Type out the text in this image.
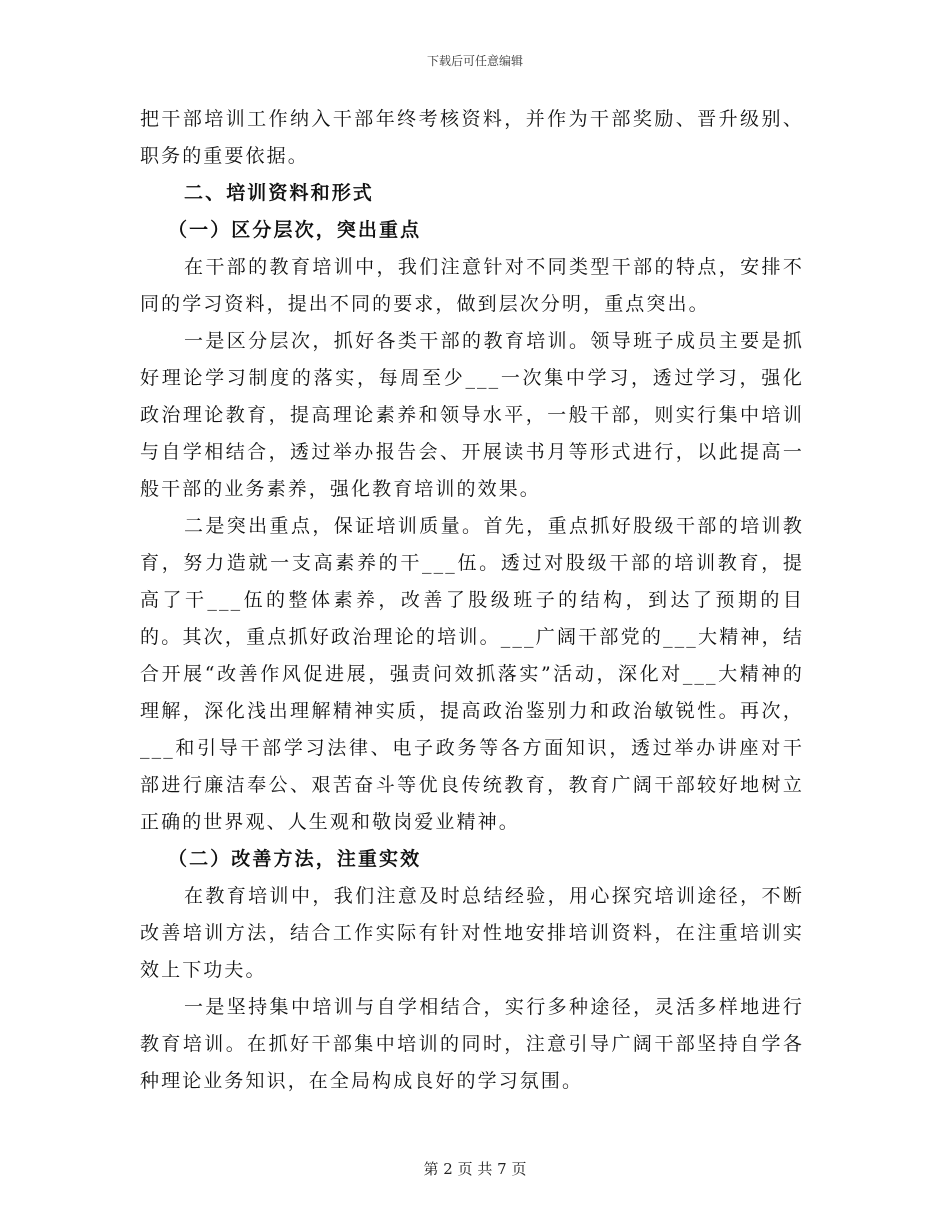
下载后可任意编辑

把干部培训工作纳入干部年终考核资料，并作为干部奖励、晋升级别、职务的重要依据。

二、培训资料和形式

（一）区分层次，突出重点

在干部的教育培训中，我们注意针对不同类型干部的特点，安排不同的学习资料，提出不同的要求，做到层次分明，重点突出。

一是区分层次，抓好各类干部的教育培训。领导班子成员主要是抓好理论学习制度的落实，每周至少___一次集中学习，透过学习，强化政治理论教育，提高理论素养和领导水平，一般干部，则实行集中培训与自学相结合，透过举办报告会、开展读书月等形式进行，以此提高一般干部的业务素养，强化教育培训的效果。

二是突出重点，保证培训质量。首先，重点抓好股级干部的培训教育，努力造就一支高素养的干___伍。透过对股级干部的培训教育，提高了干___伍的整体素养，改善了股级班子的结构，到达了预期的目的。其次，重点抓好政治理论的培训。___广阔干部党的___大精神，结合开展“改善作风促进展，强责问效抓落实”活动，深化对___大精神的理解，深化浅出理解精神实质，提高政治鉴别力和政治敏锐性。再次，___和引导干部学习法律、电子政务等各方面知识，透过举办讲座对干部进行廉洁奉公、艰苦奋斗等优良传统教育，教育广阔干部较好地树立正确的世界观、人生观和敬岗爱业精神。

（二）改善方法，注重实效

在教育培训中，我们注意及时总结经验，用心探究培训途径，不断改善培训方法，结合工作实际有针对性地安排培训资料，在注重培训实效上下功夫。

一是坚持集中培训与自学相结合，实行多种途径，灵活多样地进行教育培训。在抓好干部集中培训的同时，注意引导广阔干部坚持自学各种理论业务知识，在全局构成良好的学习氛围。

第 2 页 共 7 页
